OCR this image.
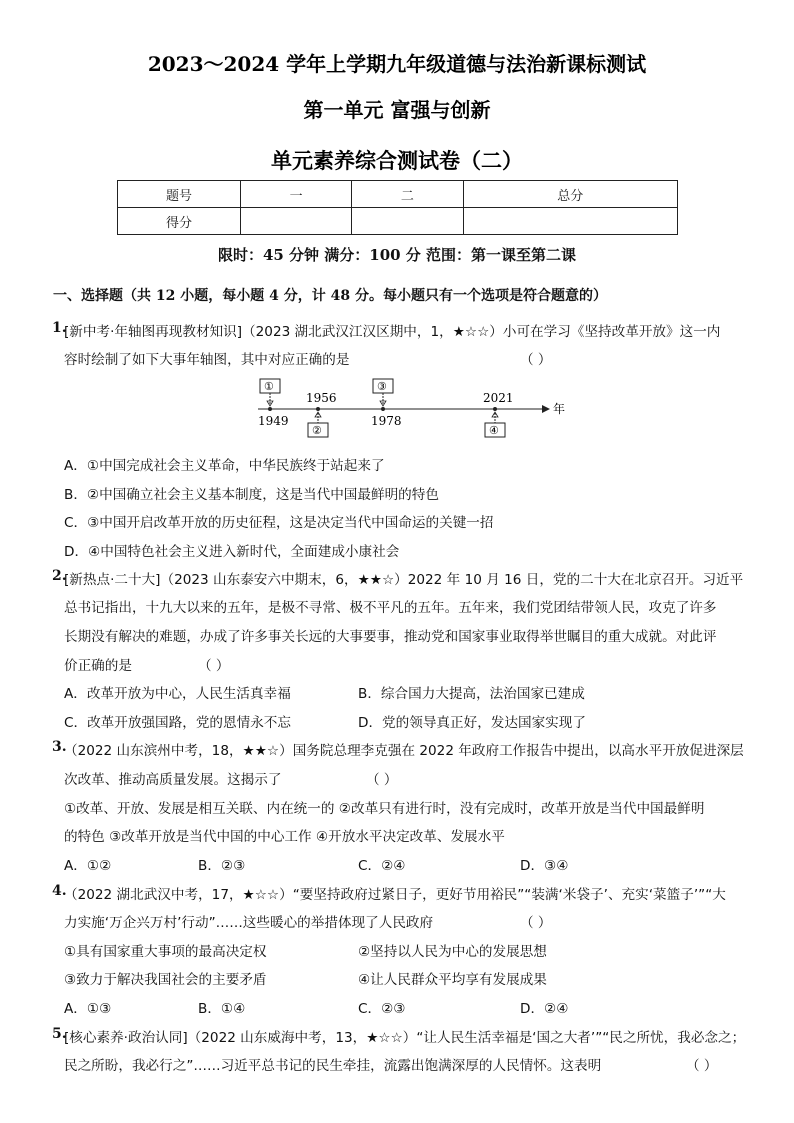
2023～2024 学年上学期九年级道德与法治新课标测试
第一单元 富强与创新
单元素养综合测试卷（二）
题号	一	二	总分
得分			
限时：45 分钟 满分：100 分 范围：第一课至第二课
一、选择题（共 12 小题，每小题 4 分，计 48 分。每小题只有一个选项是符合题意的）
1.
[新中考·年轴图再现教材知识]（2023 湖北武汉江汉区期中，1，★☆☆）小可在学习《坚持改革开放》这一内
容时绘制了如下大事年轴图，其中对应正确的是	（ ）
年
1949
1956
1978
2021
①
②
③
④
A．①中国完成社会主义革命，中华民族终于站起来了
B．②中国确立社会主义基本制度，这是当代中国最鲜明的特色
C．③中国开启改革开放的历史征程，这是决定当代中国命运的关键一招
D．④中国特色社会主义进入新时代，全面建成小康社会
2.
[新热点·二十大]（2023 山东泰安六中期末，6，★★☆）2022 年 10 月 16 日，党的二十大在北京召开。习近平
总书记指出，十九大以来的五年，是极不寻常、极不平凡的五年。五年来，我们党团结带领人民，攻克了许多
长期没有解决的难题，办成了许多事关长远的大事要事，推动党和国家事业取得举世瞩目的重大成就。对此评
价正确的是	（ ）
A．改革开放为中心，人民生活真幸福	B．综合国力大提高，法治国家已建成
C．改革开放强国路，党的恩情永不忘	D．党的领导真正好，发达国家实现了
3.
（2022 山东滨州中考，18，★★☆）国务院总理李克强在 2022 年政府工作报告中提出，以高水平开放促进深层
次改革、推动高质量发展。这揭示了	（ ）
①改革、开放、发展是相互关联、内在统一的 ②改革只有进行时，没有完成时，改革开放是当代中国最鲜明
的特色 ③改革开放是当代中国的中心工作 ④开放水平决定改革、发展水平
A．①②	B．②③	C．②④	D．③④
4.
（2022 湖北武汉中考，17，★☆☆）“要坚持政府过紧日子，更好节用裕民”“装满‘米袋子’、充实‘菜篮子’”“大
力实施‘万企兴万村’行动”……这些暖心的举措体现了人民政府	（ ）
①具有国家重大事项的最高决定权	②坚持以人民为中心的发展思想
③致力于解决我国社会的主要矛盾	④让人民群众平均享有发展成果
A．①③	B．①④	C．②③	D．②④
5.
[核心素养·政治认同]（2022 山东威海中考，13，★☆☆）“让人民生活幸福是‘国之大者’”“民之所忧，我必念之；
民之所盼，我必行之”……习近平总书记的民生牵挂，流露出饱满深厚的人民情怀。这表明	（ ）
